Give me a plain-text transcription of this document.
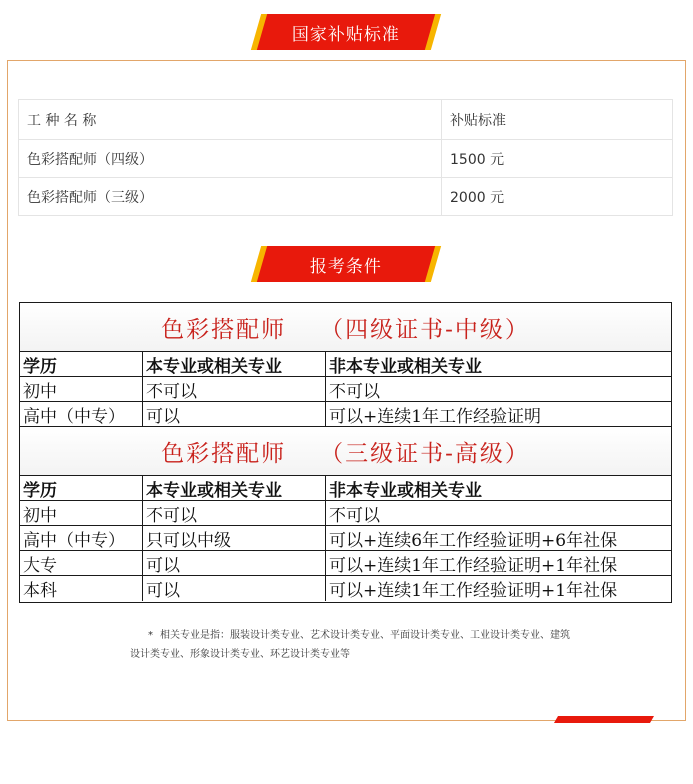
国家补贴标准
工 种 名 称	补贴标准
色彩搭配师（四级）	1500 元
色彩搭配师（三级）	2000 元
报考条件
色彩搭配师 （四级证书-中级）
学历	本专业或相关专业	非本专业或相关专业
初中	不可以	不可以
高中（中专）	可以	可以+连续1年工作经验证明
色彩搭配师 （三级证书-高级）
学历	本专业或相关专业	非本专业或相关专业
初中	不可以	不可以
高中（中专）	只可以中级	可以+连续6年工作经验证明+6年社保
大专	可以	可以+连续1年工作经验证明+1年社保
本科	可以	可以+连续1年工作经验证明+1年社保
* 相关专业是指：服装设计类专业、艺术设计类专业、平面设计类专业、工业设计类专业、建筑设计类专业、形象设计类专业、环艺设计类专业等
